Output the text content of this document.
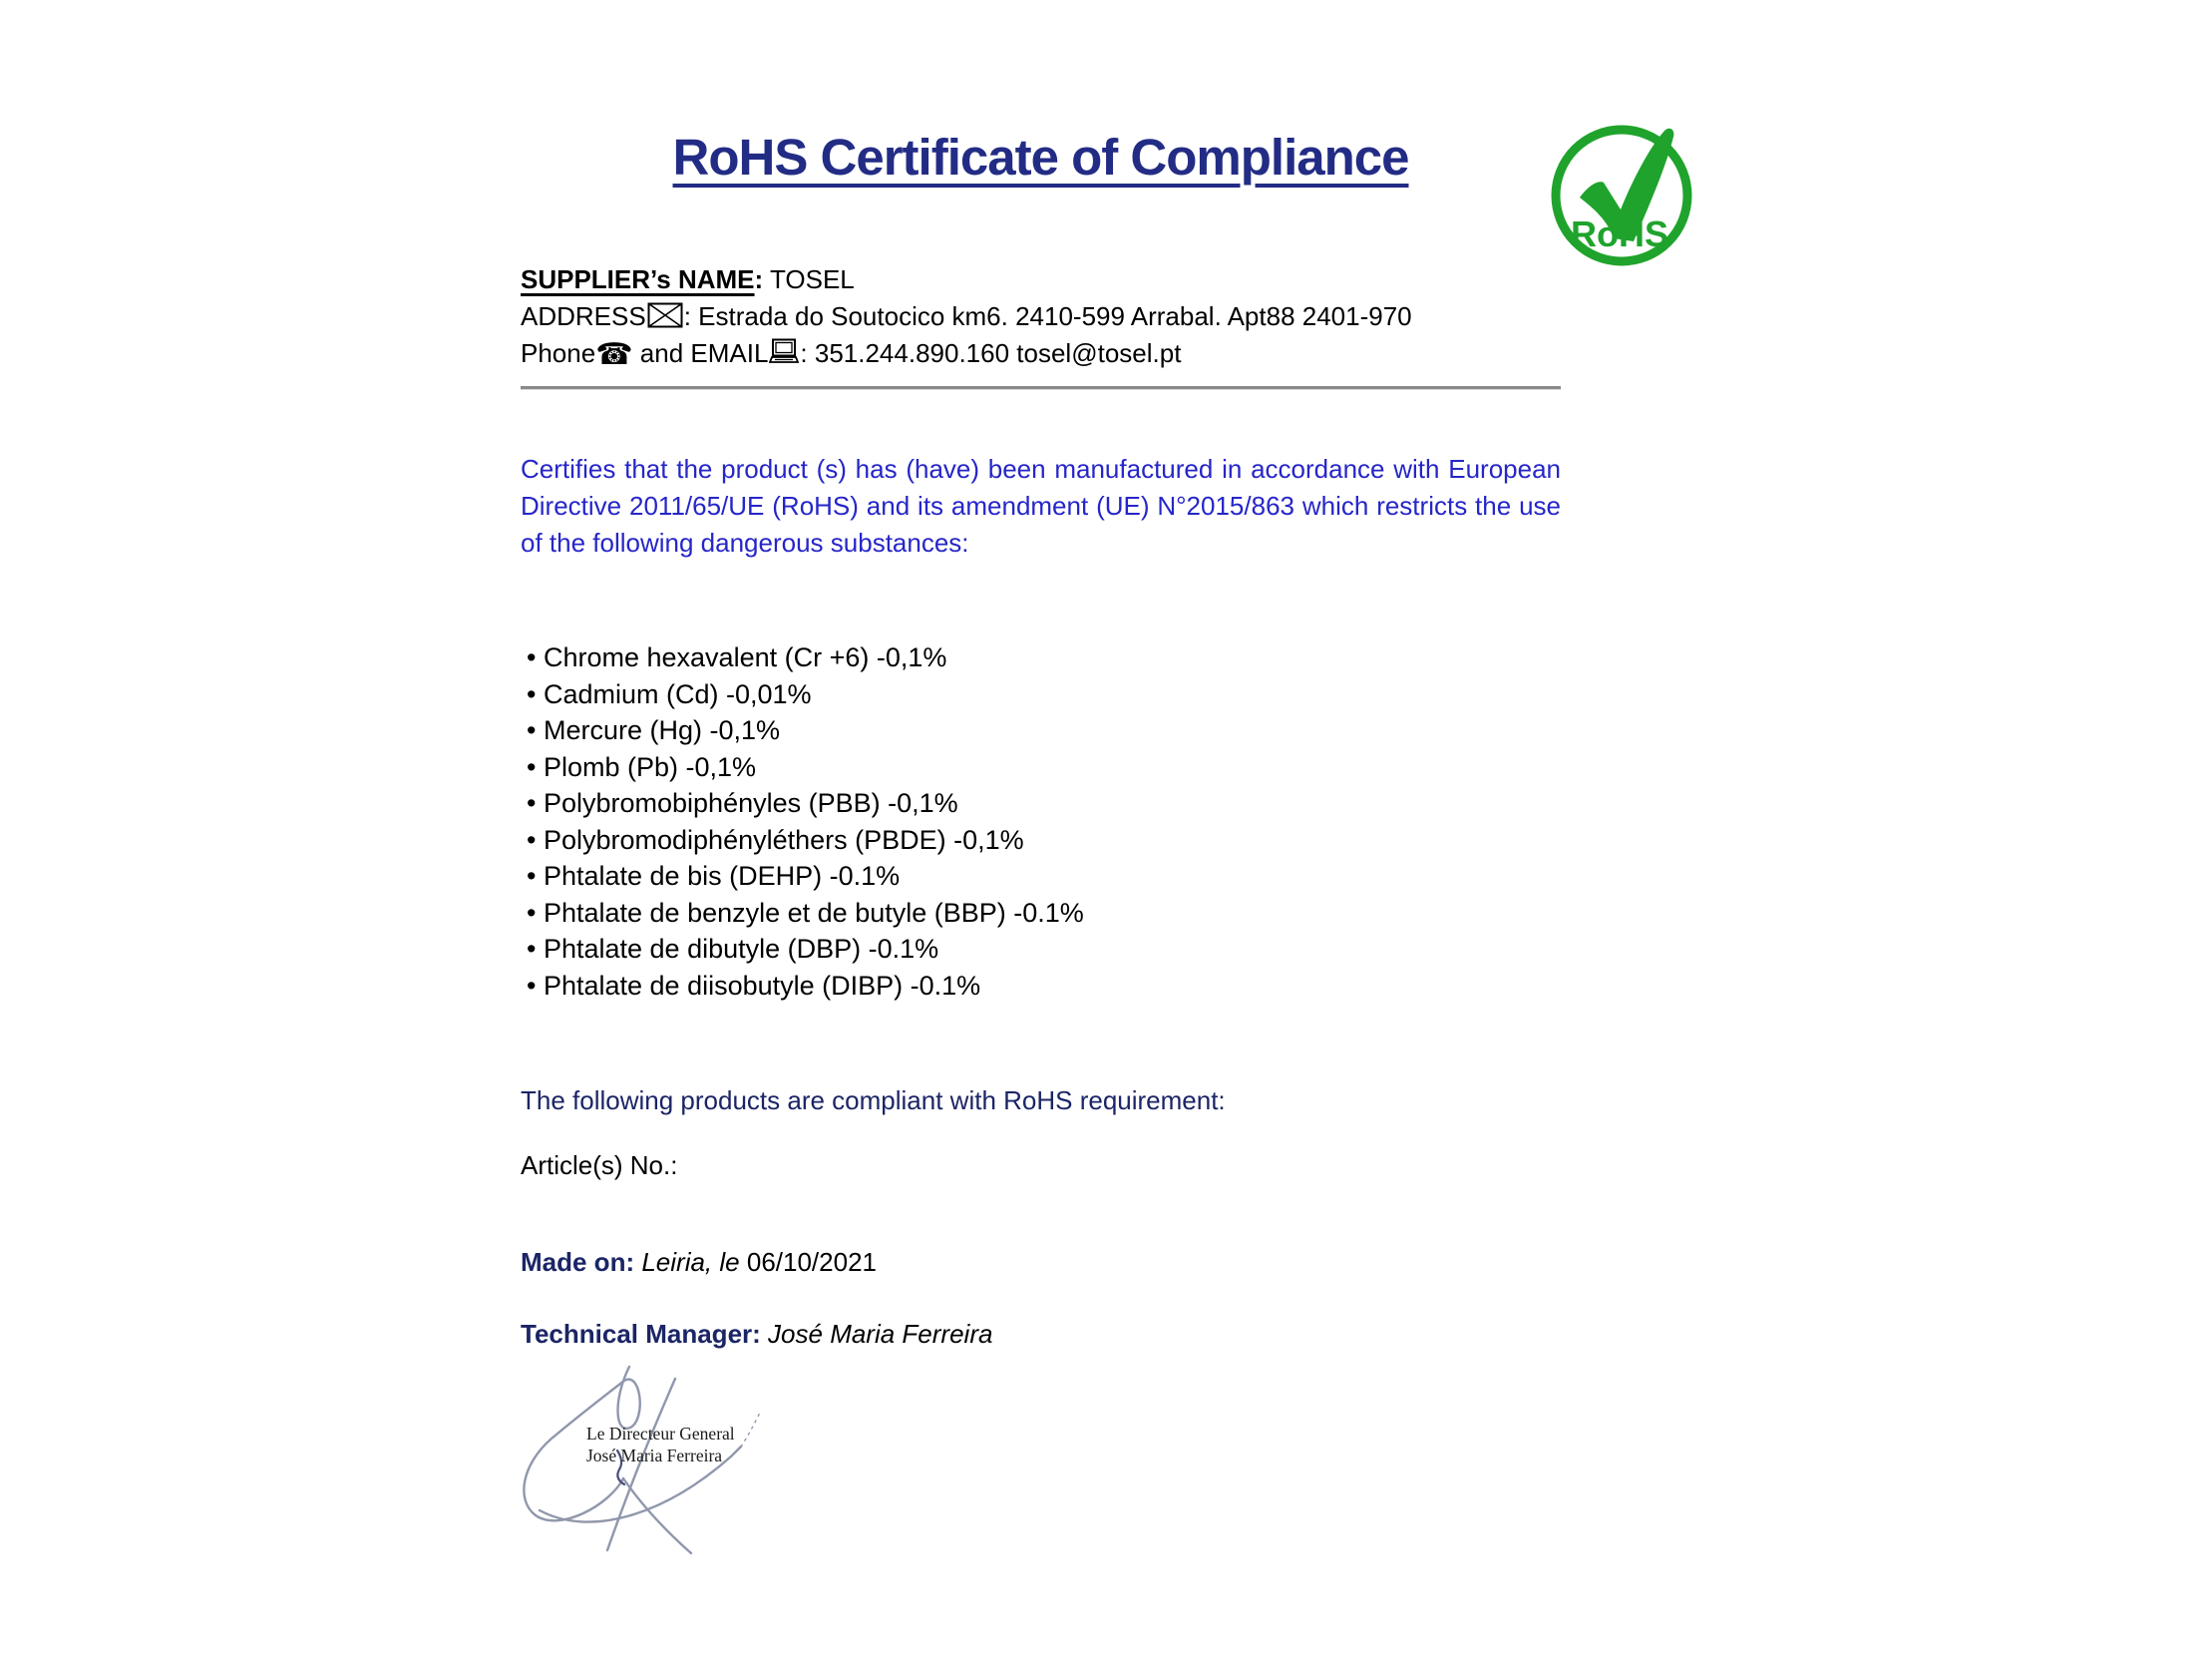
RoHS Certificate of Compliance
RoHS
SUPPLIER’s NAME: TOSEL
ADDRESS : Estrada do Soutocico km6. 2410-599 Arrabal. Apt88 2401-970
Phone☎ and EMAIL : 351.244.890.160 tosel@tosel.pt

Certifies that the product (s) has (have) been manufactured in accordance with European Directive 2011/65/UE (RoHS) and its amendment (UE) N°2015/863 which restricts the use of the following dangerous substances:

• Chrome hexavalent (Cr +6) -0,1%
• Cadmium (Cd) -0,01%
• Mercure (Hg) -0,1%
• Plomb (Pb) -0,1%
• Polybromobiphényles (PBB) -0,1%
• Polybromodiphényléthers (PBDE) -0,1%
• Phtalate de bis (DEHP) -0.1%
• Phtalate de benzyle et de butyle (BBP) -0.1%
• Phtalate de dibutyle (DBP) -0.1%
• Phtalate de diisobutyle (DIBP) -0.1%

The following products are compliant with RoHS requirement:

Article(s) No.:

Made on: Leiria, le 06/10/2021

Technical Manager: José Maria Ferreira

Le Directeur General
José Maria Ferreira
